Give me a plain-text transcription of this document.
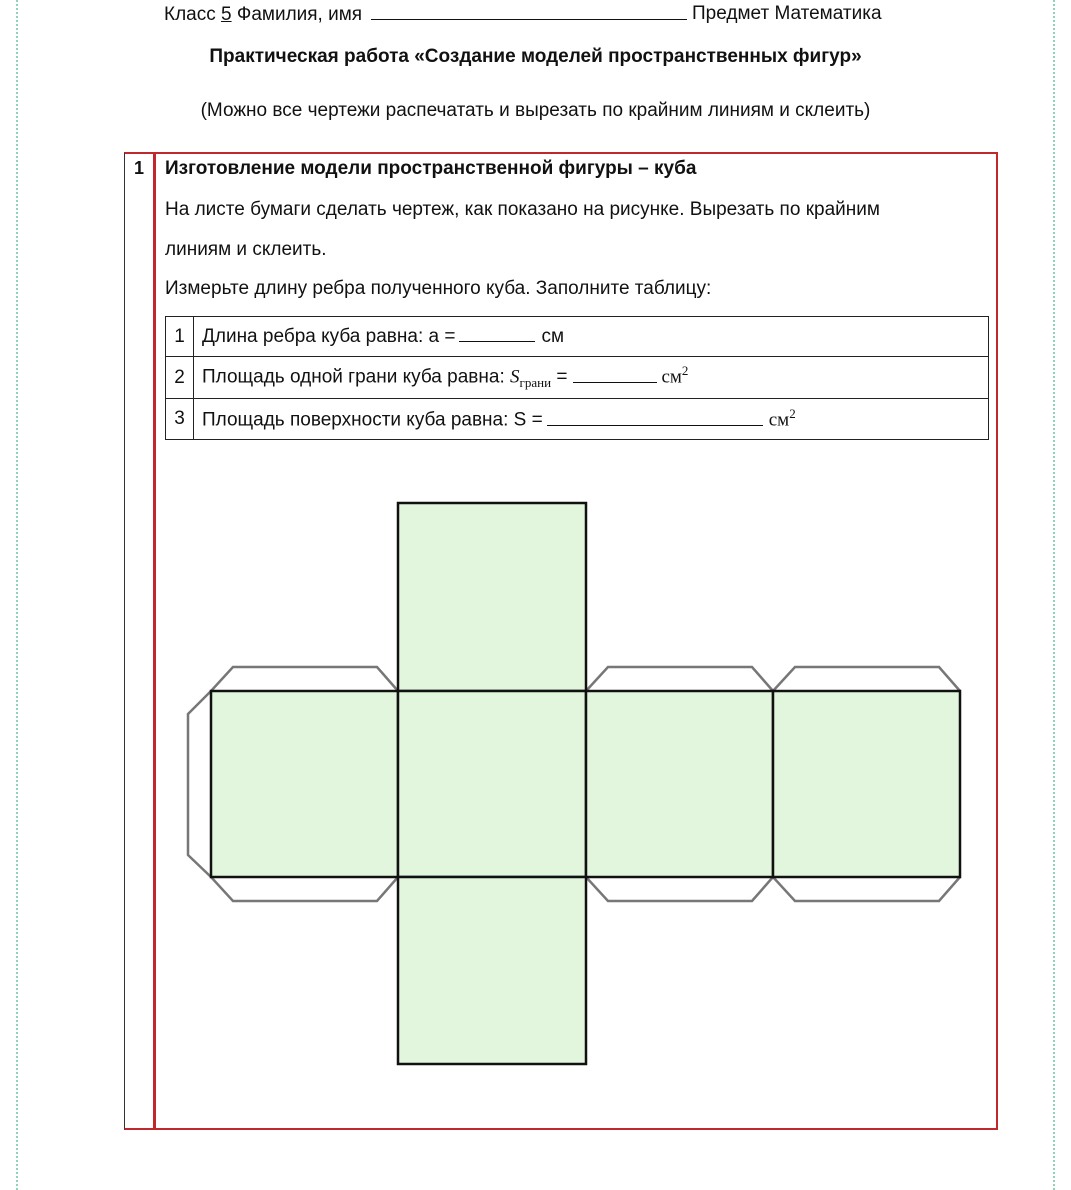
Класс 5 Фамилия, имя	Предмет Математика
Практическая работа «Создание моделей пространственных фигур»
(Можно все чертежи распечатать и вырезать по крайним линиям и склеить)
1 Изготовление модели пространственной фигуры – куба
На листе бумаги сделать чертеж, как показано на рисунке. Вырезать по крайним
линиям и склеить.
Измерьте длину ребра полученного куба. Заполните таблицу:
1	Длина ребра куба равна: а = см
2	Площадь одной грани куба равна: $S_{грани} = см^2$
3	Площадь поверхности куба равна: $S = см^2$
